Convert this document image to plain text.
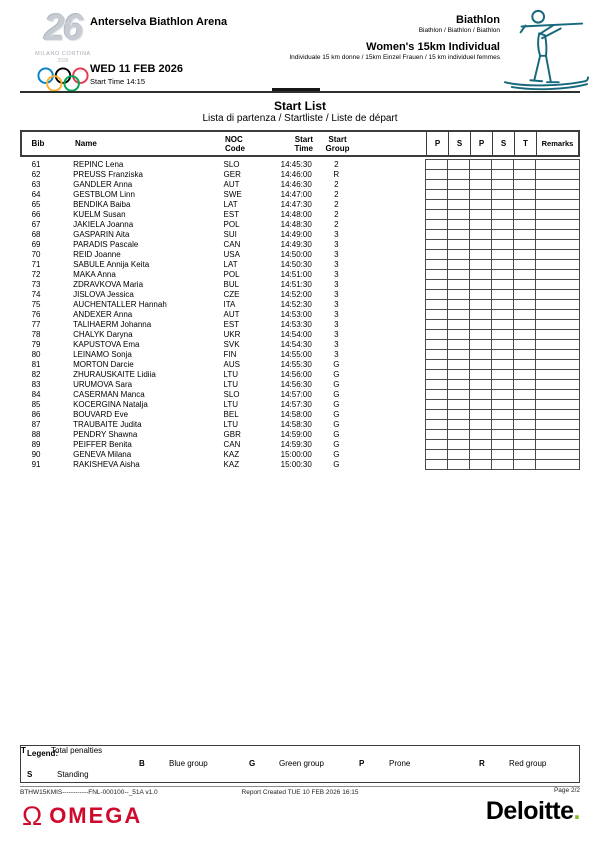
26
MILANO CORTINA
2026
Anterselva Biathlon Arena
WED 11 FEB 2026
Start Time 14:15
Biathlon
Biathlon / Biathlon / Biathlon
Women's 15km Individual
Individuale 15 km donne / 15km Einzel Frauen / 15 km individuel femmes
Start List
Lista di partenza / Startliste / Liste de départ
Bib	Name	NOC
Code
Start
Time
Start
Group	P	S	P	S	T	Remarks
61	REPINC Lena	SLO	14:45:30	2							
62	PREUSS Franziska	GER	14:46:00	R							
63	GANDLER Anna	AUT	14:46:30	2							
64	GESTBLOM Linn	SWE	14:47:00	2							
65	BENDIKA Baiba	LAT	14:47:30	2							
66	KUELM Susan	EST	14:48:00	2							
67	JAKIELA Joanna	POL	14:48:30	2							
68	GASPARIN Aita	SUI	14:49:00	3							
69	PARADIS Pascale	CAN	14:49:30	3							
70	REID Joanne	USA	14:50:00	3							
71	SABULE Annija Keita	LAT	14:50:30	3							
72	MAKA Anna	POL	14:51:00	3							
73	ZDRAVKOVA Maria	BUL	14:51:30	3							
74	JISLOVA Jessica	CZE	14:52:00	3							
75	AUCHENTALLER Hannah	ITA	14:52:30	3							
76	ANDEXER Anna	AUT	14:53:00	3							
77	TALIHAERM Johanna	EST	14:53:30	3							
78	CHALYK Daryna	UKR	14:54:00	3							
79	KAPUSTOVA Ema	SVK	14:54:30	3							
80	LEINAMO Sonja	FIN	14:55:00	3							
81	MORTON Darcie	AUS	14:55:30	G							
82	ZHURAUSKAITE Lidiia	LTU	14:56:00	G							
83	URUMOVA Sara	LTU	14:56:30	G							
84	CASERMAN Manca	SLO	14:57:00	G							
85	KOCERGINA Natalja	LTU	14:57:30	G							
86	BOUVARD Eve	BEL	14:58:00	G							
87	TRAUBAITE Judita	LTU	14:58:30	G							
88	PENDRY Shawna	GBR	14:59:00	G							
89	PEIFFER Benita	CAN	14:59:30	G							
90	GENEVA Milana	KAZ	15:00:00	G							
91	RAKISHEVA Aisha	KAZ	15:00:30	G							
Legend:
B	Blue group	G	Green group	P	Prone	R	Red group
S	Standing
T	Total penalties
BTHW15KMIS------------FNL-000100--_51A v1.0	Report Created TUE 10 FEB 2026 16:15	Page 2/2
Ω OMEGA	Deloitte.
